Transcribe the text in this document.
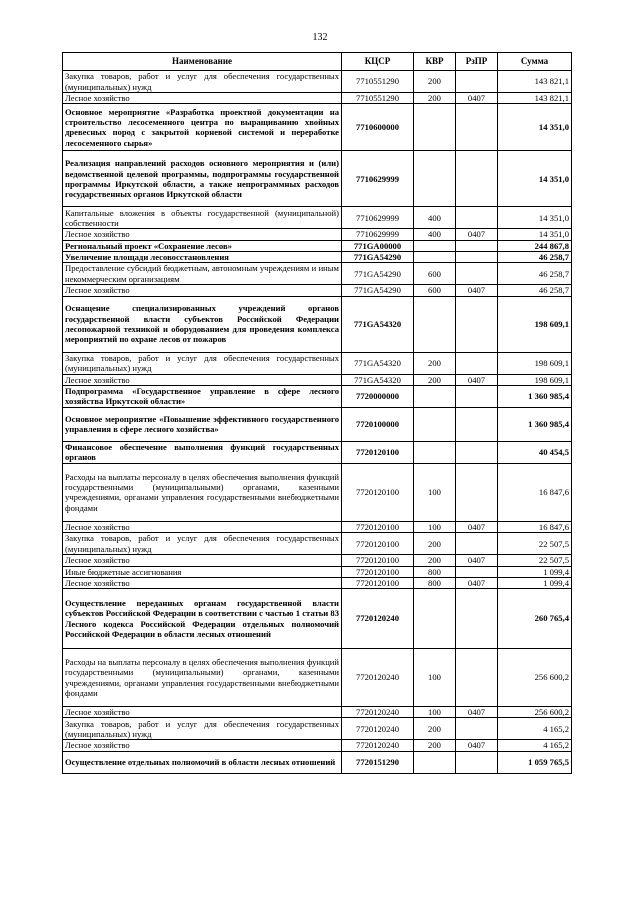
132
Наименование	КЦСР	КВР	РзПР	Сумма
Закупка товаров, работ и услуг для обеспечения государственных (муниципальных) нужд	7710551290	200		143 821,1
Лесное хозяйство	7710551290	200	0407	143 821,1
Основное мероприятие «Разработка проектной документации на строительство лесосеменного центра по выращиванию хвойных древесных пород с закрытой корневой системой и переработке лесосеменного сырья»	7710600000			14 351,0
Реализация направлений расходов основного мероприятия и (или) ведомственной целевой программы, подпрограммы государственной программы Иркутской области, а также непрограммных расходов государственных органов Иркутской области	7710629999			14 351,0
Капитальные вложения в объекты государственной (муниципальной) собственности	7710629999	400		14 351,0
Лесное хозяйство	7710629999	400	0407	14 351,0
Региональный проект «Сохранение лесов»	771GA00000			244 867,8
Увеличение площади лесовосстановления	771GA54290			46 258,7
Предоставление субсидий бюджетным, автономным учреждениям и иным некоммерческим организациям	771GA54290	600		46 258,7
Лесное хозяйство	771GA54290	600	0407	46 258,7
Оснащение специализированных учреждений органов государственной власти субъектов Российской Федерации лесопожарной техникой и оборудованием для проведения комплекса мероприятий по охране лесов от пожаров	771GA54320			198 609,1
Закупка товаров, работ и услуг для обеспечения государственных (муниципальных) нужд	771GA54320	200		198 609,1
Лесное хозяйство	771GA54320	200	0407	198 609,1
Подпрограмма «Государственное управление в сфере лесного хозяйства Иркутской области»	7720000000			1 360 985,4
Основное мероприятие «Повышение эффективного государственного управления в сфере лесного хозяйства»	7720100000			1 360 985,4
Финансовое обеспечение выполнения функций государственных органов	7720120100			40 454,5
Расходы на выплаты персоналу в целях обеспечения выполнения функций государственными (муниципальными) органами, казенными учреждениями, органами управления государственными внебюджетными фондами	7720120100	100		16 847,6
Лесное хозяйство	7720120100	100	0407	16 847,6
Закупка товаров, работ и услуг для обеспечения государственных (муниципальных) нужд	7720120100	200		22 507,5
Лесное хозяйство	7720120100	200	0407	22 507,5
Иные бюджетные ассигнования	7720120100	800		1 099,4
Лесное хозяйство	7720120100	800	0407	1 099,4
Осуществление переданных органам государственной власти субъектов Российской Федерации в соответствии с частью 1 статьи 83 Лесного кодекса Российской Федерации отдельных полномочий Российской Федерации в области лесных отношений	7720120240			260 765,4
Расходы на выплаты персоналу в целях обеспечения выполнения функций государственными (муниципальными) органами, казенными учреждениями, органами управления государственными внебюджетными фондами	7720120240	100		256 600,2
Лесное хозяйство	7720120240	100	0407	256 600,2
Закупка товаров, работ и услуг для обеспечения государственных (муниципальных) нужд	7720120240	200		4 165,2
Лесное хозяйство	7720120240	200	0407	4 165,2
Осуществление отдельных полномочий в области лесных отношений	7720151290			1 059 765,5
